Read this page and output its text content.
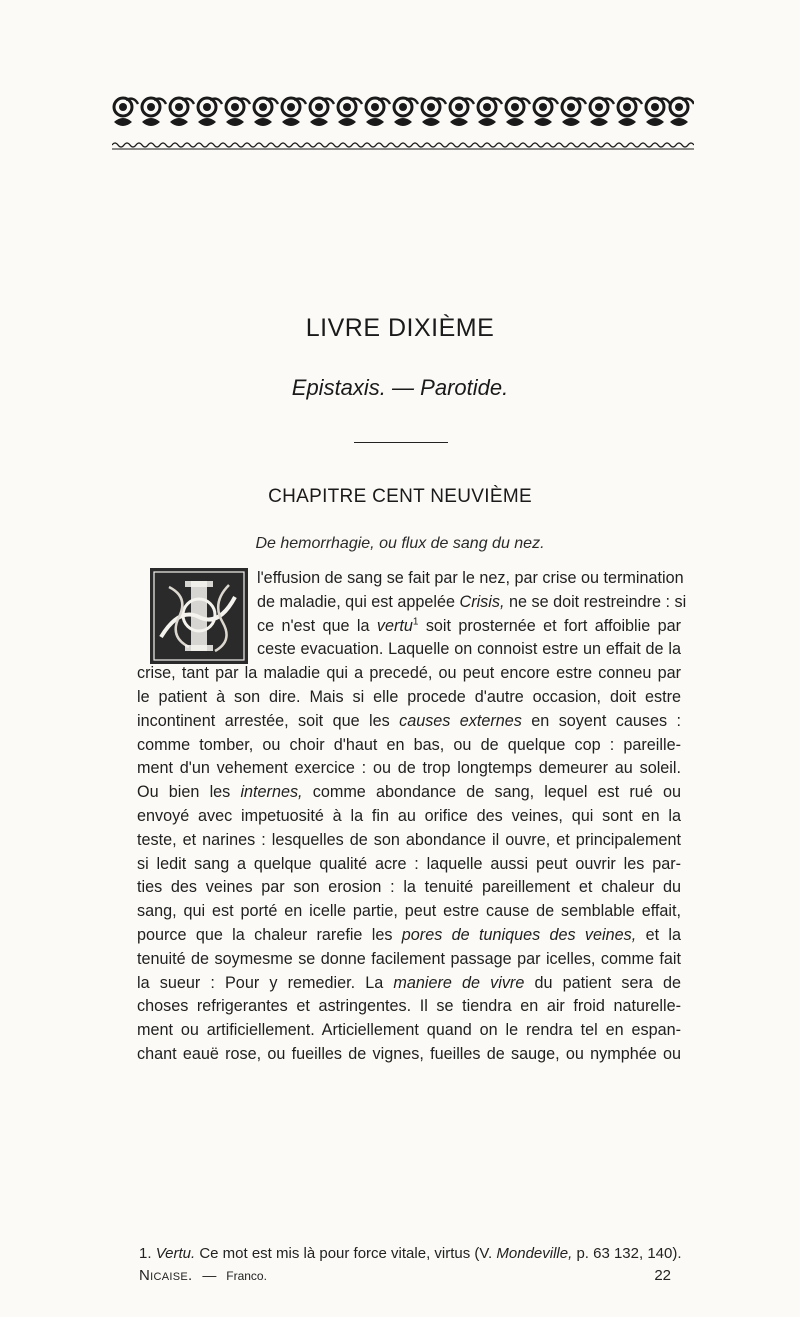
LIVRE DIXIÈME
Epistaxis. — Parotide.
CHAPITRE CENT NEUVIÈME
De hemorrhagie, ou flux de sang du nez.
l'effusion de sang se fait par le nez, par crise ou termination
de maladie, qui est appelée Crisis, ne se doit restreindre : si
ce n'est que la vertu$^1$ soit prosternée et fort affoiblie par
ceste evacuation. Laquelle on connoist estre un effait de la
crise, tant par la maladie qui a precedé, ou peut encore estre conneu par
le patient à son dire. Mais si elle procede d'autre occasion, doit estre
incontinent arrestée, soit que les causes externes en soyent causes :
comme tomber, ou choir d'haut en bas, ou de quelque cop : pareille-
ment d'un vehement exercice : ou de trop longtemps demeurer au soleil.
Ou bien les internes, comme abondance de sang, lequel est rué ou
envoyé avec impetuosité à la fin au orifice des veines, qui sont en la
teste, et narines : lesquelles de son abondance il ouvre, et principalement
si ledit sang a quelque qualité acre : laquelle aussi peut ouvrir les par-
ties des veines par son erosion : la tenuité pareillement et chaleur du
sang, qui est porté en icelle partie, peut estre cause de semblable effait,
pource que la chaleur rarefie les pores de tuniques des veines, et la
tenuité de soymesme se donne facilement passage par icelles, comme fait
la sueur : Pour y remedier. La maniere de vivre du patient sera de
choses refrigerantes et astringentes. Il se tiendra en air froid naturelle-
ment ou artificiellement. Articiellement quand on le rendra tel en espan-
chant eauë rose, ou fueilles de vignes, fueilles de sauge, ou nymphée ou
1. Vertu. Ce mot est mis là pour force vitale, virtus (V. Mondeville, p. 63 132, 140).
Nicaise. — Franco.	22
